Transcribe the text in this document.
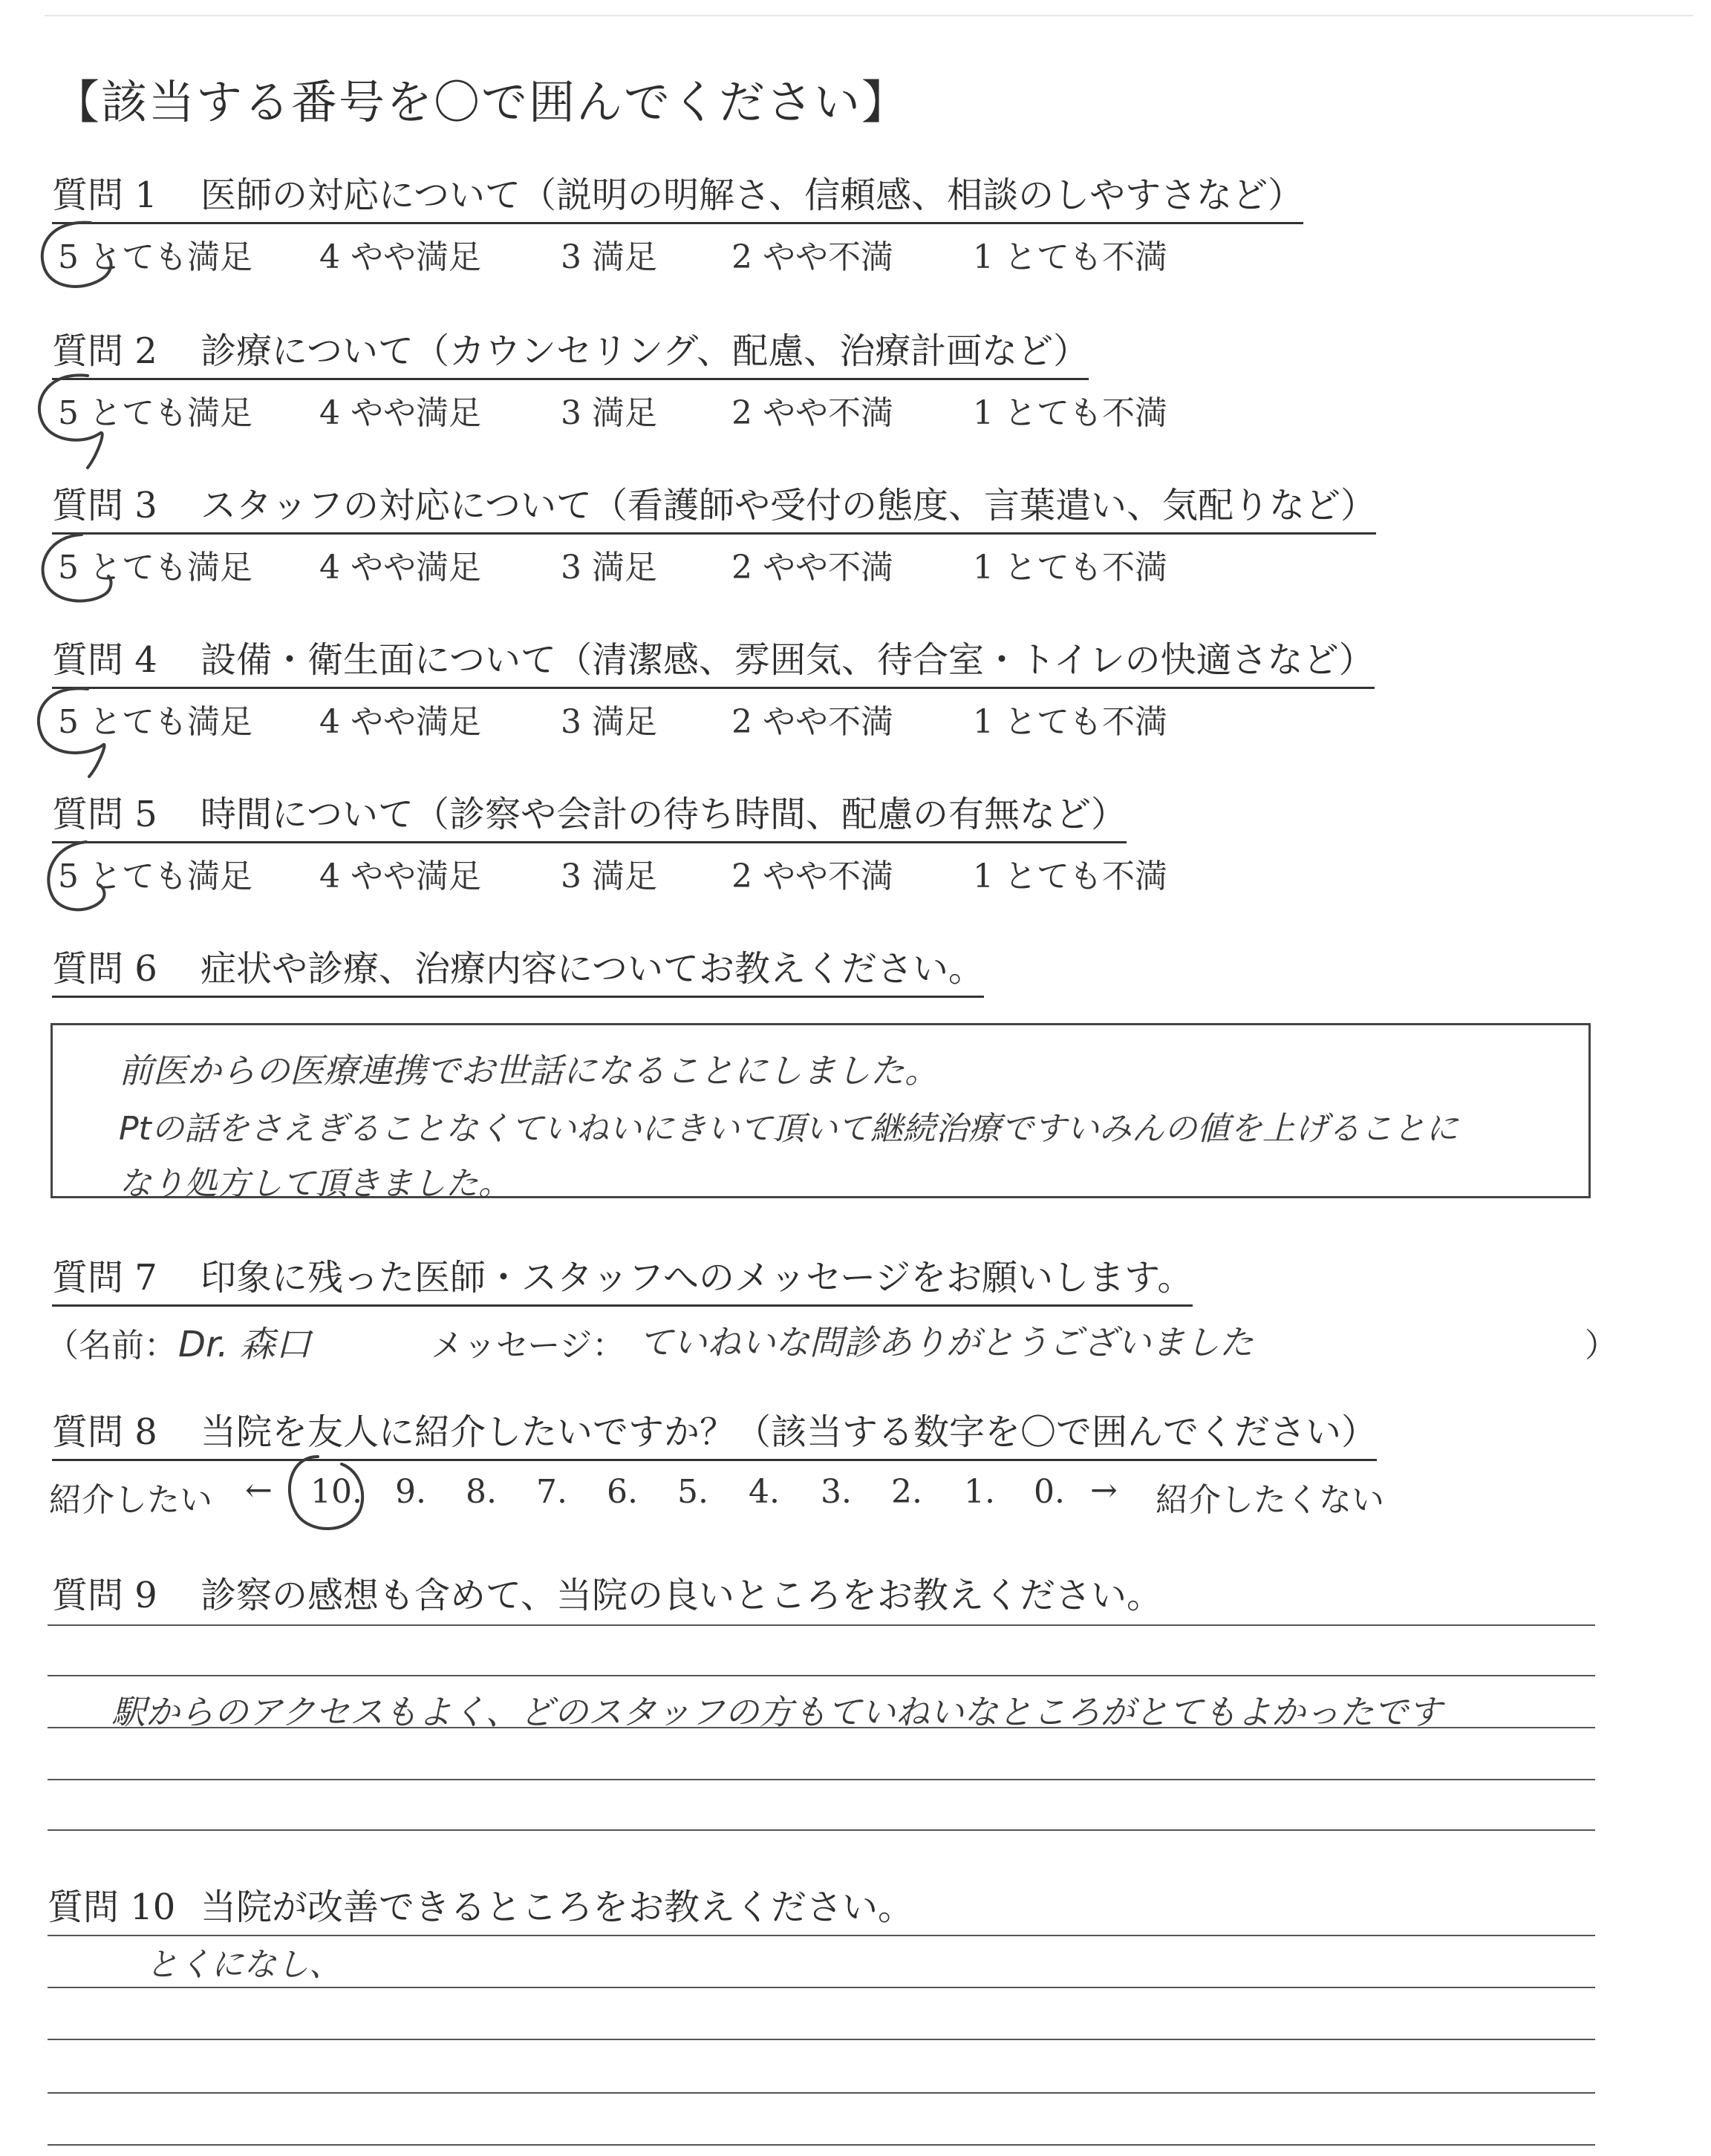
【該当する番号を〇で囲んでください】
質問 1 医師の対応について（説明の明解さ、信頼感、相談のしやすさなど）
質問 2 診療について（カウンセリング、配慮、治療計画など）
質問 3 スタッフの対応について（看護師や受付の態度、言葉遣い、気配りなど）
質問 4 設備・衛生面について（清潔感、雰囲気、待合室・トイレの快適さなど）
質問 5 時間について（診察や会計の待ち時間、配慮の有無など）
5 とても満足 4 やや満足 3 満足 2 やや不満 1 とても不満
5 とても満足 4 やや満足 3 満足 2 やや不満 1 とても不満
5 とても満足 4 やや満足 3 満足 2 やや不満 1 とても不満
5 とても満足 4 やや満足 3 満足 2 やや不満 1 とても不満
5 とても満足 4 やや満足 3 満足 2 やや不満 1 とても不満
質問 6 症状や診療、治療内容についてお教えください。
前医からの医療連携でお世話になることにしました。
Ptの話をさえぎることなくていねいにきいて頂いて継続治療ですいみんの値を上げることに
なり処方して頂きました。
質問 7 印象に残った医師・スタッフへのメッセージをお願いします。
（名前： Dr. 森口	メッセージ： ていねいな問診ありがとうございました	）
質問 8 当院を友人に紹介したいですか？（該当する数字を〇で囲んでください）
紹介したい ← 10. 9. 8. 7. 6. 5. 4. 3. 2. 1. 0. → 紹介したくない
質問 9 診察の感想も含めて、当院の良いところをお教えください。
駅からのアクセスもよく、どのスタッフの方もていねいなところがとてもよかったです
質問 10 当院が改善できるところをお教えください。
とくになし、
